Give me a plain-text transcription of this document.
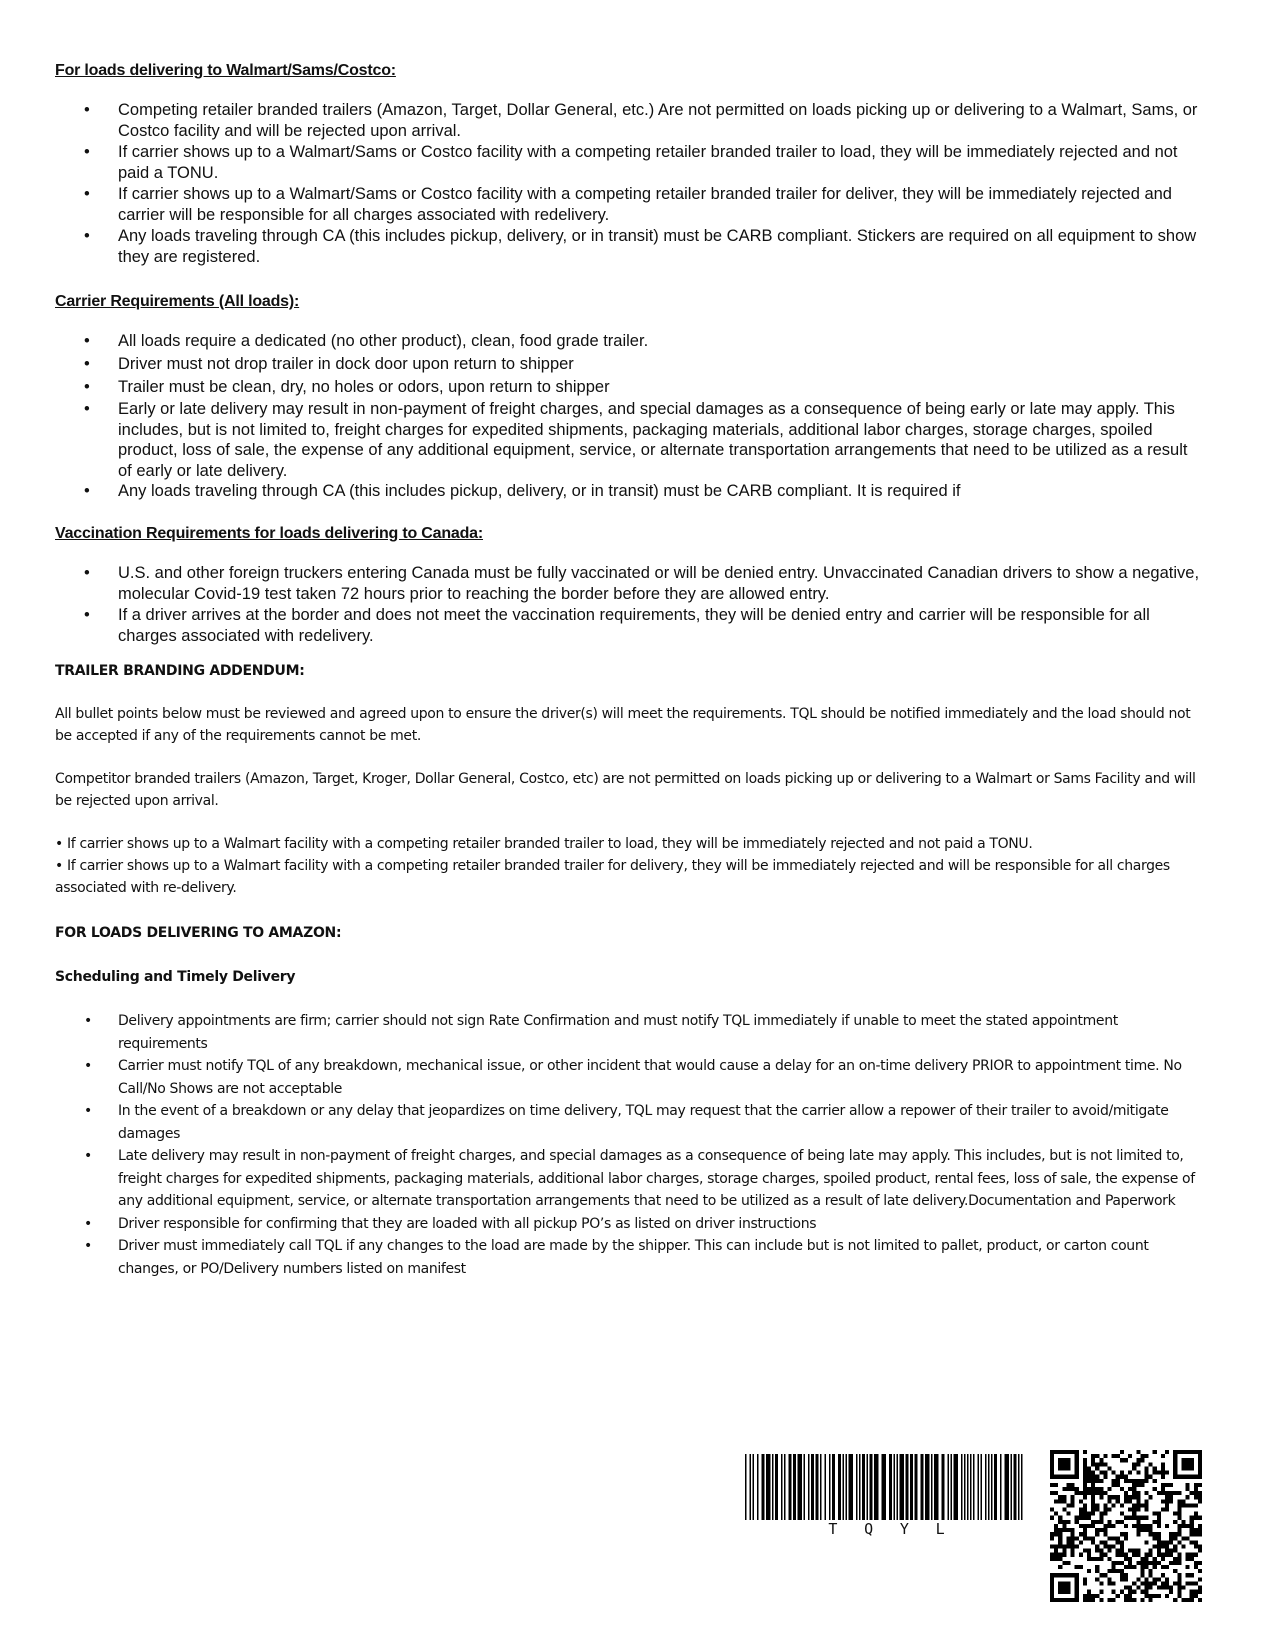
For loads delivering to Walmart/Sams/Costco:

• Competing retailer branded trailers (Amazon, Target, Dollar General, etc.) Are not permitted on loads picking up or delivering to a Walmart, Sams, or Costco facility and will be rejected upon arrival.
• If carrier shows up to a Walmart/Sams or Costco facility with a competing retailer branded trailer to load, they will be immediately rejected and not paid a TONU.
• If carrier shows up to a Walmart/Sams or Costco facility with a competing retailer branded trailer for deliver, they will be immediately rejected and carrier will be responsible for all charges associated with redelivery.
• Any loads traveling through CA (this includes pickup, delivery, or in transit) must be CARB compliant. Stickers are required on all equipment to show they are registered.

Carrier Requirements (All loads):

• All loads require a dedicated (no other product), clean, food grade trailer.
• Driver must not drop trailer in dock door upon return to shipper
• Trailer must be clean, dry, no holes or odors, upon return to shipper
• Early or late delivery may result in non-payment of freight charges, and special damages as a consequence of being early or late may apply. This includes, but is not limited to, freight charges for expedited shipments, packaging materials, additional labor charges, storage charges, spoiled product, loss of sale, the expense of any additional equipment, service, or alternate transportation arrangements that need to be utilized as a result of early or late delivery.
• Any loads traveling through CA (this includes pickup, delivery, or in transit) must be CARB compliant. It is required if

Vaccination Requirements for loads delivering to Canada:

• U.S. and other foreign truckers entering Canada must be fully vaccinated or will be denied entry. Unvaccinated Canadian drivers to show a negative, molecular Covid-19 test taken 72 hours prior to reaching the border before they are allowed entry.
• If a driver arrives at the border and does not meet the vaccination requirements, they will be denied entry and carrier will be responsible for all charges associated with redelivery.

TRAILER BRANDING ADDENDUM:

All bullet points below must be reviewed and agreed upon to ensure the driver(s) will meet the requirements. TQL should be notified immediately and the load should not be accepted if any of the requirements cannot be met.

Competitor branded trailers (Amazon, Target, Kroger, Dollar General, Costco, etc) are not permitted on loads picking up or delivering to a Walmart or Sams Facility and will be rejected upon arrival.

• If carrier shows up to a Walmart facility with a competing retailer branded trailer to load, they will be immediately rejected and not paid a TONU.

• If carrier shows up to a Walmart facility with a competing retailer branded trailer for delivery, they will be immediately rejected and will be responsible for all charges associated with re-delivery.

FOR LOADS DELIVERING TO AMAZON:

Scheduling and Timely Delivery

• Delivery appointments are firm; carrier should not sign Rate Confirmation and must notify TQL immediately if unable to meet the stated appointment requirements
• Carrier must notify TQL of any breakdown, mechanical issue, or other incident that would cause a delay for an on-time delivery PRIOR to appointment time. No Call/No Shows are not acceptable
• In the event of a breakdown or any delay that jeopardizes on time delivery, TQL may request that the carrier allow a repower of their trailer to avoid/mitigate damages
• Late delivery may result in non-payment of freight charges, and special damages as a consequence of being late may apply. This includes, but is not limited to, freight charges for expedited shipments, packaging materials, additional labor charges, storage charges, spoiled product, rental fees, loss of sale, the expense of any additional equipment, service, or alternate transportation arrangements that need to be utilized as a result of late delivery.Documentation and Paperwork
• Driver responsible for confirming that they are loaded with all pickup PO’s as listed on driver instructions
• Driver must immediately call TQL if any changes to the load are made by the shipper. This can include but is not limited to pallet, product, or carton count changes, or PO/Delivery numbers listed on manifest
T Q Y L
